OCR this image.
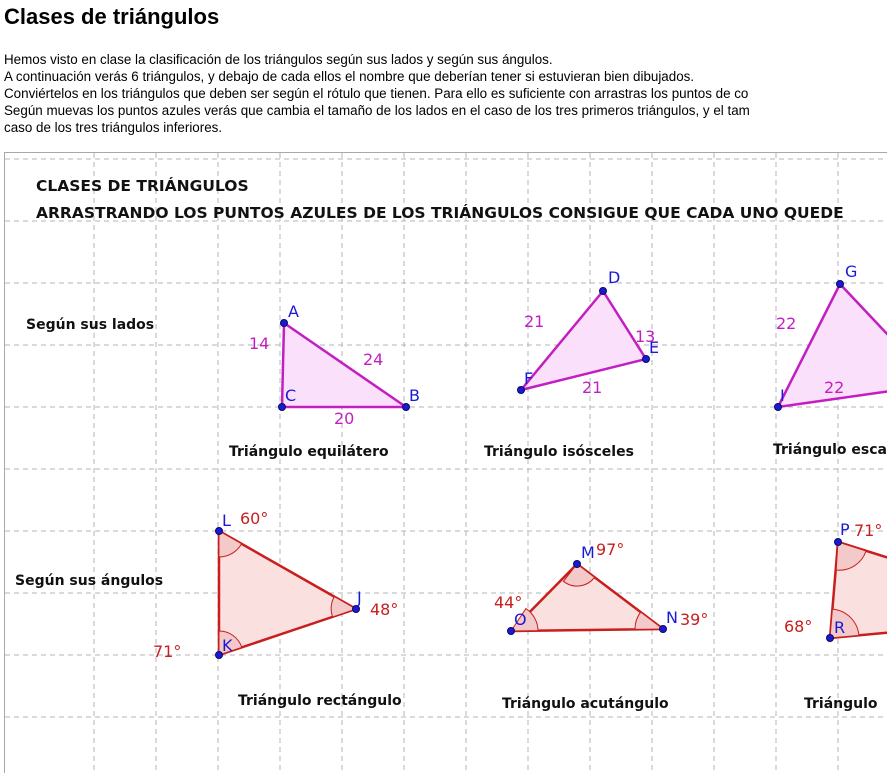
Clases de triángulos
Hemos visto en clase la clasificación de los triángulos según sus lados y según sus ángulos.
A continuación verás 6 triángulos, y debajo de cada ellos el nombre que deberían tener si estuvieran bien dibujados.
Conviértelos en los triángulos que deben ser según el rótulo que tienen. Para ello es suficiente con arrastras los puntos de co
Según muevas los puntos azules verás que cambia el tamaño de los lados en el caso de los tres primeros triángulos, y el tam
caso de los tres triángulos inferiores.
CLASES DE TRIÁNGULOS
ARRASTRANDO LOS PUNTOS AZULES DE LOS TRIÁNGULOS CONSIGUE QUE CADA UNO QUEDE
Según sus lados
Según sus ángulos
A
B
C
14
24
20
Triángulo equilátero
D
E
F
21
13
21
Triángulo isósceles
G
I
22
22
Triángulo esca
L
J
K
60°
48°
71°
Triángulo rectángulo
M
N
O
97°
39°
44°
Triángulo acutángulo
P
R
71°
68°
Triángulo
